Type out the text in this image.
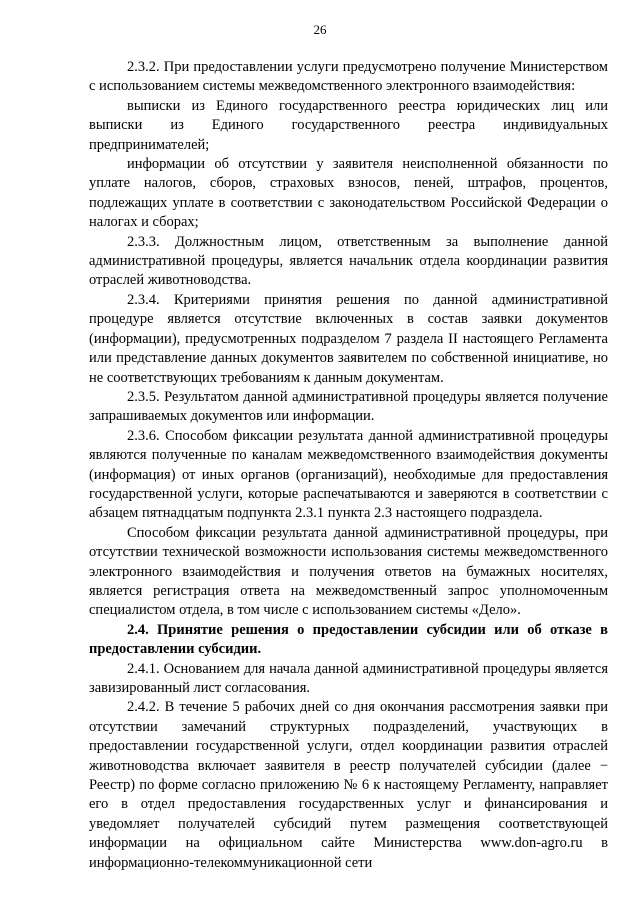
26

2.3.2. При предоставлении услуги предусмотрено получение Министерством с использованием системы межведомственного электронного взаимодействия:

выписки из Единого государственного реестра юридических лиц или выписки из Единого государственного реестра индивидуальных предпринимателей;

информации об отсутствии у заявителя неисполненной обязанности по уплате налогов, сборов, страховых взносов, пеней, штрафов, процентов, подлежащих уплате в соответствии с законодательством Российской Федерации о налогах и сборах;

2.3.3. Должностным лицом, ответственным за выполнение данной административной процедуры, является начальник отдела координации развития отраслей животноводства.

2.3.4. Критериями принятия решения по данной административной процедуре является отсутствие включенных в состав заявки документов (информации), предусмотренных подразделом 7 раздела II настоящего Регламента или представление данных документов заявителем по собственной инициативе, но не соответствующих требованиям к данным документам.

2.3.5. Результатом данной административной процедуры является получение запрашиваемых документов или информации.

2.3.6. Способом фиксации результата данной административной процедуры являются полученные по каналам межведомственного взаимодействия документы (информация) от иных органов (организаций), необходимые для предоставления государственной услуги, которые распечатываются и заверяются в соответствии с абзацем пятнадцатым подпункта 2.3.1 пункта 2.3 настоящего подраздела.

Способом фиксации результата данной административной процедуры, при отсутствии технической возможности использования системы межведомственного электронного взаимодействия и получения ответов на бумажных носителях, является регистрация ответа на межведомственный запрос уполномоченным специалистом отдела, в том числе с использованием системы «Дело».

2.4. Принятие решения о предоставлении субсидии или об отказе в предоставлении субсидии.

2.4.1. Основанием для начала данной административной процедуры является завизированный лист согласования.

2.4.2. В течение 5 рабочих дней со дня окончания рассмотрения заявки при отсутствии замечаний структурных подразделений, участвующих в предоставлении государственной услуги, отдел координации развития отраслей животноводства включает заявителя в реестр получателей субсидии (далее − Реестр) по форме согласно приложению № 6 к настоящему Регламенту, направляет его в отдел предоставления государственных услуг и финансирования и уведомляет получателей субсидий путем размещения соответствующей информации на официальном сайте Министерства www.don-agro.ru в информационно-телекоммуникационной сети
